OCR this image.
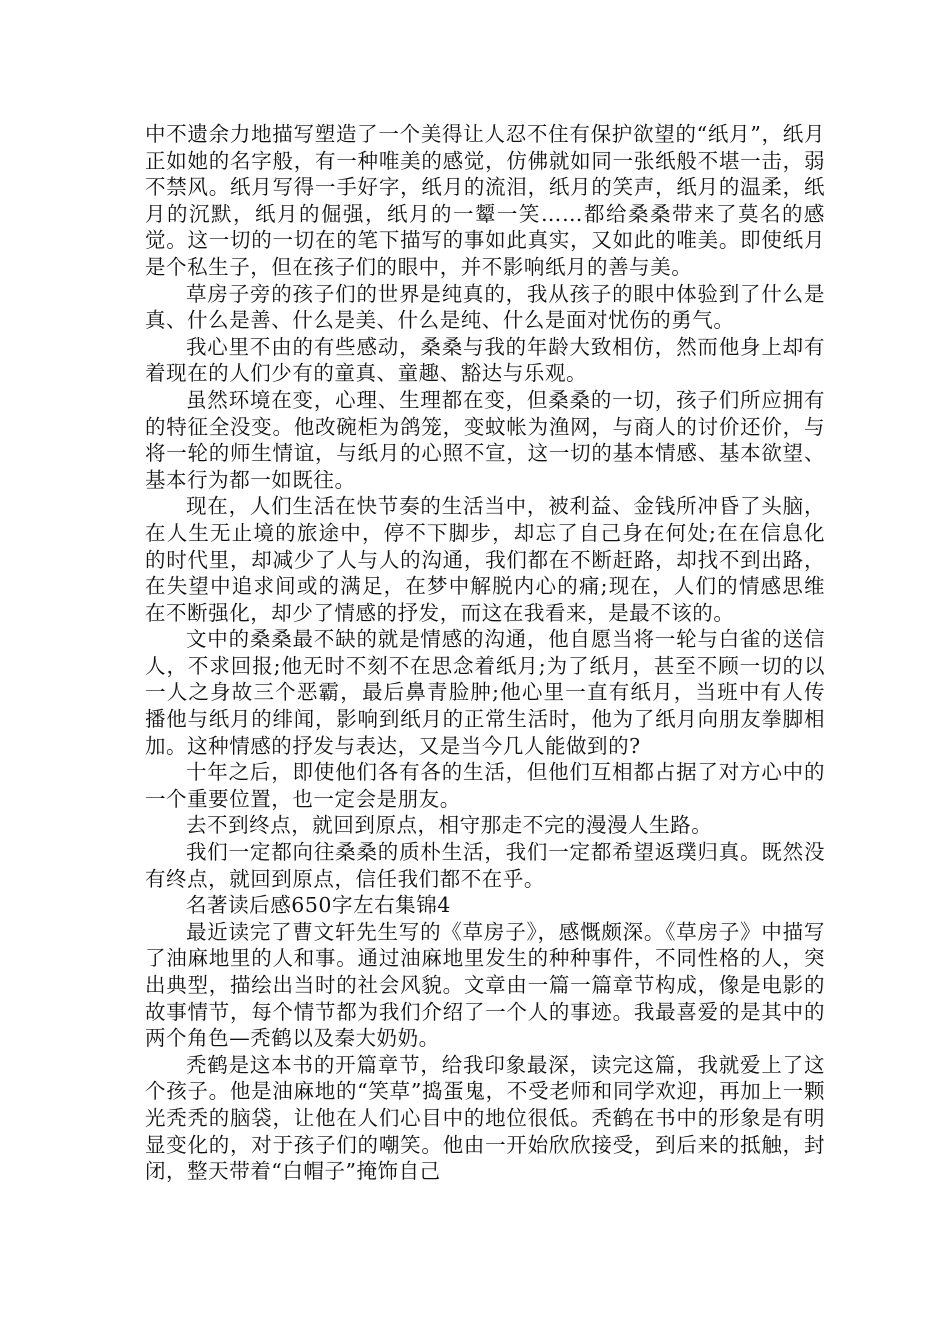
中不遗余力地描写塑造了一个美得让人忍不住有保护欲望的“纸月”，纸月正如她的名字般，有一种唯美的感觉，仿佛就如同一张纸般不堪一击，弱不禁风。纸月写得一手好字，纸月的流泪，纸月的笑声，纸月的温柔，纸月的沉默，纸月的倔强，纸月的一颦一笑……都给桑桑带来了莫名的感觉。这一切的一切在的笔下描写的事如此真实，又如此的唯美。即使纸月是个私生子，但在孩子们的眼中，并不影响纸月的善与美。

草房子旁的孩子们的世界是纯真的，我从孩子的眼中体验到了什么是真、什么是善、什么是美、什么是纯、什么是面对忧伤的勇气。

我心里不由的有些感动，桑桑与我的年龄大致相仿，然而他身上却有着现在的人们少有的童真、童趣、豁达与乐观。

虽然环境在变，心理、生理都在变，但桑桑的一切，孩子们所应拥有的特征全没变。他改碗柜为鸽笼，变蚊帐为渔网，与商人的讨价还价，与将一轮的师生情谊，与纸月的心照不宣，这一切的基本情感、基本欲望、基本行为都一如既往。

现在，人们生活在快节奏的生活当中，被利益、金钱所冲昏了头脑，在人生无止境的旅途中，停不下脚步，却忘了自己身在何处;在在信息化的时代里，却减少了人与人的沟通，我们都在不断赶路，却找不到出路，在失望中追求间或的满足，在梦中解脱内心的痛;现在，人们的情感思维在不断强化，却少了情感的抒发，而这在我看来，是最不该的。

文中的桑桑最不缺的就是情感的沟通，他自愿当将一轮与白雀的送信人，不求回报;他无时不刻不在思念着纸月;为了纸月，甚至不顾一切的以一人之身故三个恶霸，最后鼻青脸肿;他心里一直有纸月，当班中有人传播他与纸月的绯闻，影响到纸月的正常生活时，他为了纸月向朋友拳脚相加。这种情感的抒发与表达，又是当今几人能做到的?

十年之后，即使他们各有各的生活，但他们互相都占据了对方心中的一个重要位置，也一定会是朋友。

去不到终点，就回到原点，相守那走不完的漫漫人生路。

我们一定都向往桑桑的质朴生活，我们一定都希望返璞归真。既然没有终点，就回到原点，信任我们都不在乎。

名著读后感650字左右集锦4

最近读完了曹文轩先生写的《草房子》，感慨颇深。《草房子》中描写了油麻地里的人和事。通过油麻地里发生的种种事件，不同性格的人，突出典型，描绘出当时的社会风貌。文章由一篇一篇章节构成，像是电影的故事情节，每个情节都为我们介绍了一个人的事迹。我最喜爱的是其中的两个角色—秃鹤以及秦大奶奶。

秃鹤是这本书的开篇章节，给我印象最深，读完这篇，我就爱上了这个孩子。他是油麻地的“笑草”捣蛋鬼，不受老师和同学欢迎，再加上一颗光秃秃的脑袋，让他在人们心目中的地位很低。秃鹤在书中的形象是有明显变化的，对于孩子们的嘲笑。他由一开始欣欣接受，到后来的抵触，封闭，整天带着“白帽子”掩饰自己
